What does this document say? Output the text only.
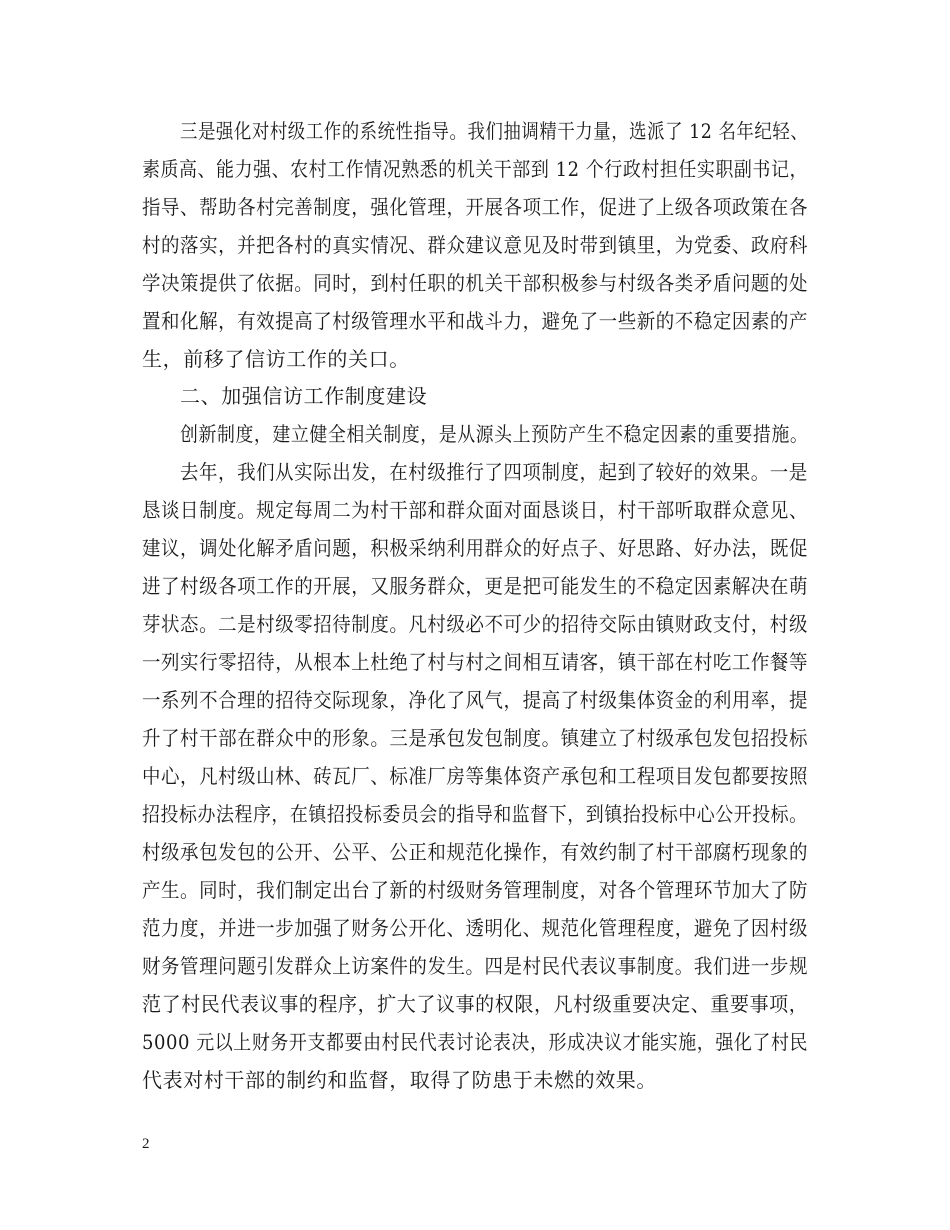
三是强化对村级工作的系统性指导。我们抽调精干力量，选派了 12 名年纪轻、
素质高、能力强、农村工作情况熟悉的机关干部到 12 个行政村担任实职副书记，
指导、帮助各村完善制度，强化管理，开展各项工作，促进了上级各项政策在各
村的落实，并把各村的真实情况、群众建议意见及时带到镇里，为党委、政府科
学决策提供了依据。同时，到村任职的机关干部积极参与村级各类矛盾问题的处
置和化解，有效提高了村级管理水平和战斗力，避免了一些新的不稳定因素的产
生，前移了信访工作的关口。
二、加强信访工作制度建设
创新制度，建立健全相关制度，是从源头上预防产生不稳定因素的重要措施。
去年，我们从实际出发，在村级推行了四项制度，起到了较好的效果。一是
恳谈日制度。规定每周二为村干部和群众面对面恳谈日，村干部听取群众意见、
建议，调处化解矛盾问题，积极采纳利用群众的好点子、好思路、好办法，既促
进了村级各项工作的开展，又服务群众，更是把可能发生的不稳定因素解决在萌
芽状态。二是村级零招待制度。凡村级必不可少的招待交际由镇财政支付，村级
一列实行零招待，从根本上杜绝了村与村之间相互请客，镇干部在村吃工作餐等
一系列不合理的招待交际现象，净化了风气，提高了村级集体资金的利用率，提
升了村干部在群众中的形象。三是承包发包制度。镇建立了村级承包发包招投标
中心，凡村级山林、砖瓦厂、标准厂房等集体资产承包和工程项目发包都要按照
招投标办法程序，在镇招投标委员会的指导和监督下，到镇抬投标中心公开投标。
村级承包发包的公开、公平、公正和规范化操作，有效约制了村干部腐朽现象的
产生。同时，我们制定出台了新的村级财务管理制度，对各个管理环节加大了防
范力度，并进一步加强了财务公开化、透明化、规范化管理程度，避免了因村级
财务管理问题引发群众上访案件的发生。四是村民代表议事制度。我们进一步规
范了村民代表议事的程序，扩大了议事的权限，凡村级重要决定、重要事项，
5000 元以上财务开支都要由村民代表讨论表决，形成决议才能实施，强化了村民
代表对村干部的制约和监督，取得了防患于未燃的效果。
2
